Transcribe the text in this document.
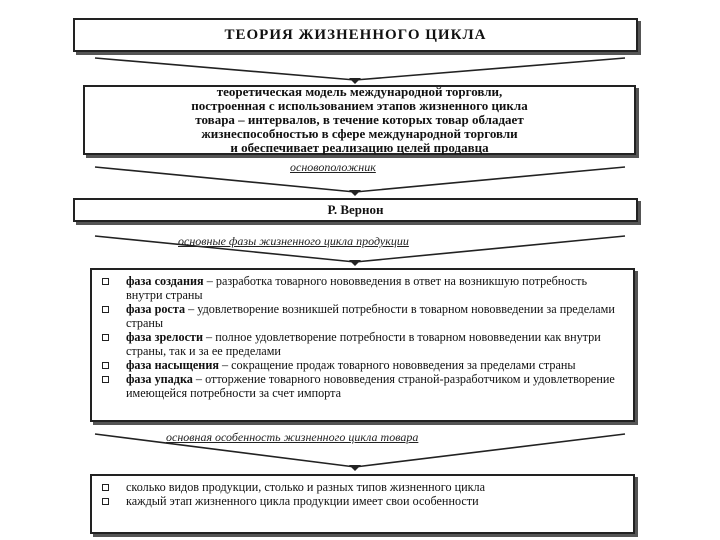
ТЕОРИЯ ЖИЗНЕННОГО ЦИКЛА
теоретическая модель международной торговли,
построенная с использованием этапов жизненного цикла
товара – интервалов, в течение которых товар обладает
жизнеспособностью в сфере международной торговли
и обеспечивает реализацию целей продавца
основоположник
Р. Вернон
основные фазы жизненного цикла продукции
фаза создания – разработка товарного нововведения в ответ на возникшую потребность внутри страны
фаза роста – удовлетворение возникшей потребности в товарном нововведении за пределами страны
фаза зрелости – полное удовлетворение потребности в товарном нововведении как внутри страны, так и за ее пределами
фаза насыщения – сокращение продаж товарного нововведения за пределами страны
фаза упадка – отторжение товарного нововведения страной-разработчиком и удовлетворение имеющейся потребности за счет импорта
основная особенность жизненного цикла товара
сколько видов продукции, столько и разных типов жизненного цикла
каждый этап жизненного цикла продукции имеет свои особенности
